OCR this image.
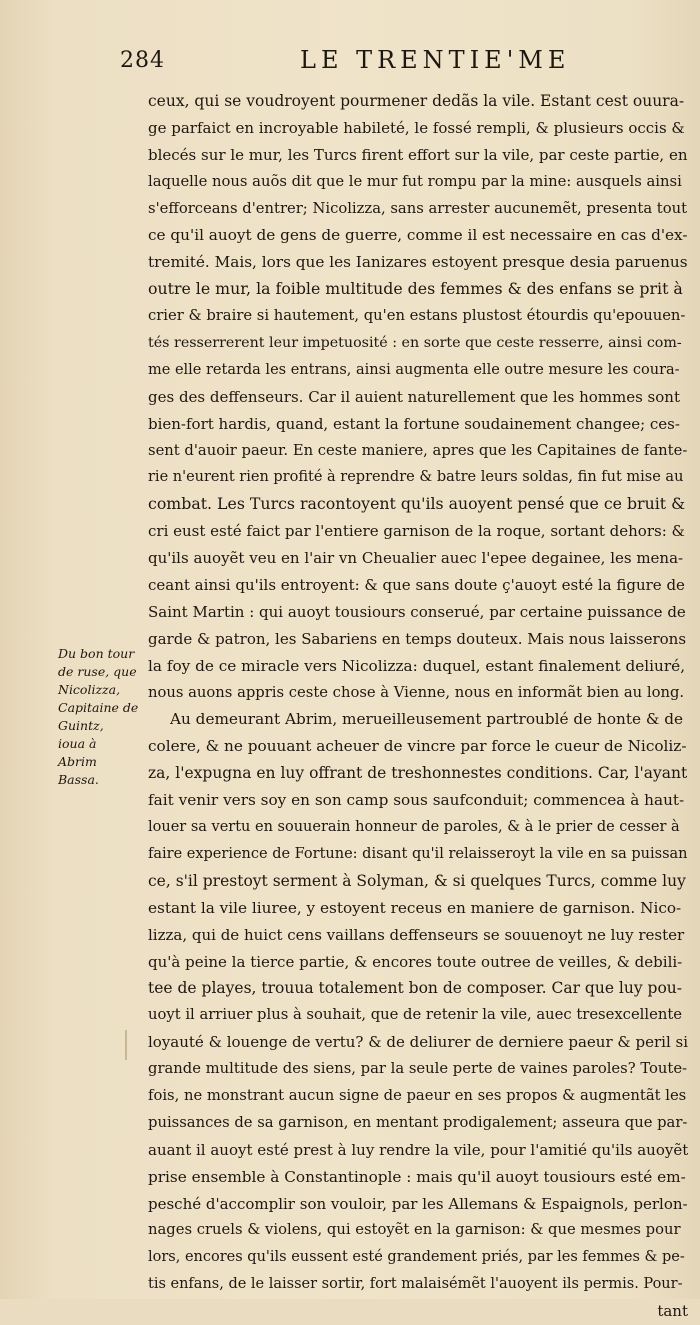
284	LE TRENTIE'ME
Du bon tour
de ruse, que
Nicolizza,
Capitaine de
Guintz,
ioua à
Abrim
Bassa.
ceux, qui se voudroyent pourmener dedãs la vile. Estant cest ouura-
ge parfaict en incroyable habileté, le fossé rempli, & plusieurs occis &
blecés sur le mur, les Turcs firent effort sur la vile, par ceste partie, en
laquelle nous auõs dit que le mur fut rompu par la mine: ausquels ainsi
s'efforceans d'entrer; Nicolizza, sans arrester aucunemẽt, presenta tout
ce qu'il auoyt de gens de guerre, comme il est necessaire en cas d'ex-
tremité. Mais, lors que les Ianizares estoyent presque desia paruenus
outre le mur, la foible multitude des femmes & des enfans se prit à
crier & braire si hautement, qu'en estans plustost étourdis qu'epouuen-
tés resserrerent leur impetuosité : en sorte que ceste resserre, ainsi com-
me elle retarda les entrans, ainsi augmenta elle outre mesure les coura-
ges des deffenseurs. Car il auient naturellement que les hommes sont
bien-fort hardis, quand, estant la fortune soudainement changee; ces-
sent d'auoir paeur. En ceste maniere, apres que les Capitaines de fante-
rie n'eurent rien profité à reprendre & batre leurs soldas, fin fut mise au
combat. Les Turcs racontoyent qu'ils auoyent pensé que ce bruit &
cri eust esté faict par l'entiere garnison de la roque, sortant dehors: &
qu'ils auoyẽt veu en l'air vn Cheualier auec l'epee degainee, les mena-
ceant ainsi qu'ils entroyent: & que sans doute ç'auoyt esté la figure de
Saint Martin : qui auoyt tousiours conserué, par certaine puissance de
garde & patron, les Sabariens en temps douteux. Mais nous laisserons
la foy de ce miracle vers Nicolizza: duquel, estant finalement deliuré,
nous auons appris ceste chose à Vienne, nous en informãt bien au long.
Au demeurant Abrim, merueilleusement partroublé de honte & de
colere, & ne pouuant acheuer de vincre par force le cueur de Nicoliz-
za, l'expugna en luy offrant de treshonnestes conditions. Car, l'ayant
fait venir vers soy en son camp sous saufconduit; commencea à haut-
louer sa vertu en souuerain honneur de paroles, & à le prier de cesser à
faire experience de Fortune: disant qu'il relaisseroyt la vile en sa puissan
ce, s'il prestoyt serment à Solyman, & si quelques Turcs, comme luy
estant la vile liuree, y estoyent receus en maniere de garnison. Nico-
lizza, qui de huict cens vaillans deffenseurs se souuenoyt ne luy rester
qu'à peine la tierce partie, & encores toute outree de veilles, & debili-
tee de playes, trouua totalement bon de composer. Car que luy pou-
uoyt il arriuer plus à souhait, que de retenir la vile, auec tresexcellente
loyauté & louenge de vertu? & de deliurer de derniere paeur & peril si
grande multitude des siens, par la seule perte de vaines paroles? Toute-
fois, ne monstrant aucun signe de paeur en ses propos & augmentãt les
puissances de sa garnison, en mentant prodigalement; asseura que par-
auant il auoyt esté prest à luy rendre la vile, pour l'amitié qu'ils auoyẽt
prise ensemble à Constantinople : mais qu'il auoyt tousiours esté em-
pesché d'accomplir son vouloir, par les Allemans & Espaignols, perlon-
nages cruels & violens, qui estoyẽt en la garnison: & que mesmes pour
lors, encores qu'ils eussent esté grandement priés, par les femmes & pe-
tis enfans, de le laisser sortir, fort malaisémẽt l'auoyent ils permis. Pour-
tant
